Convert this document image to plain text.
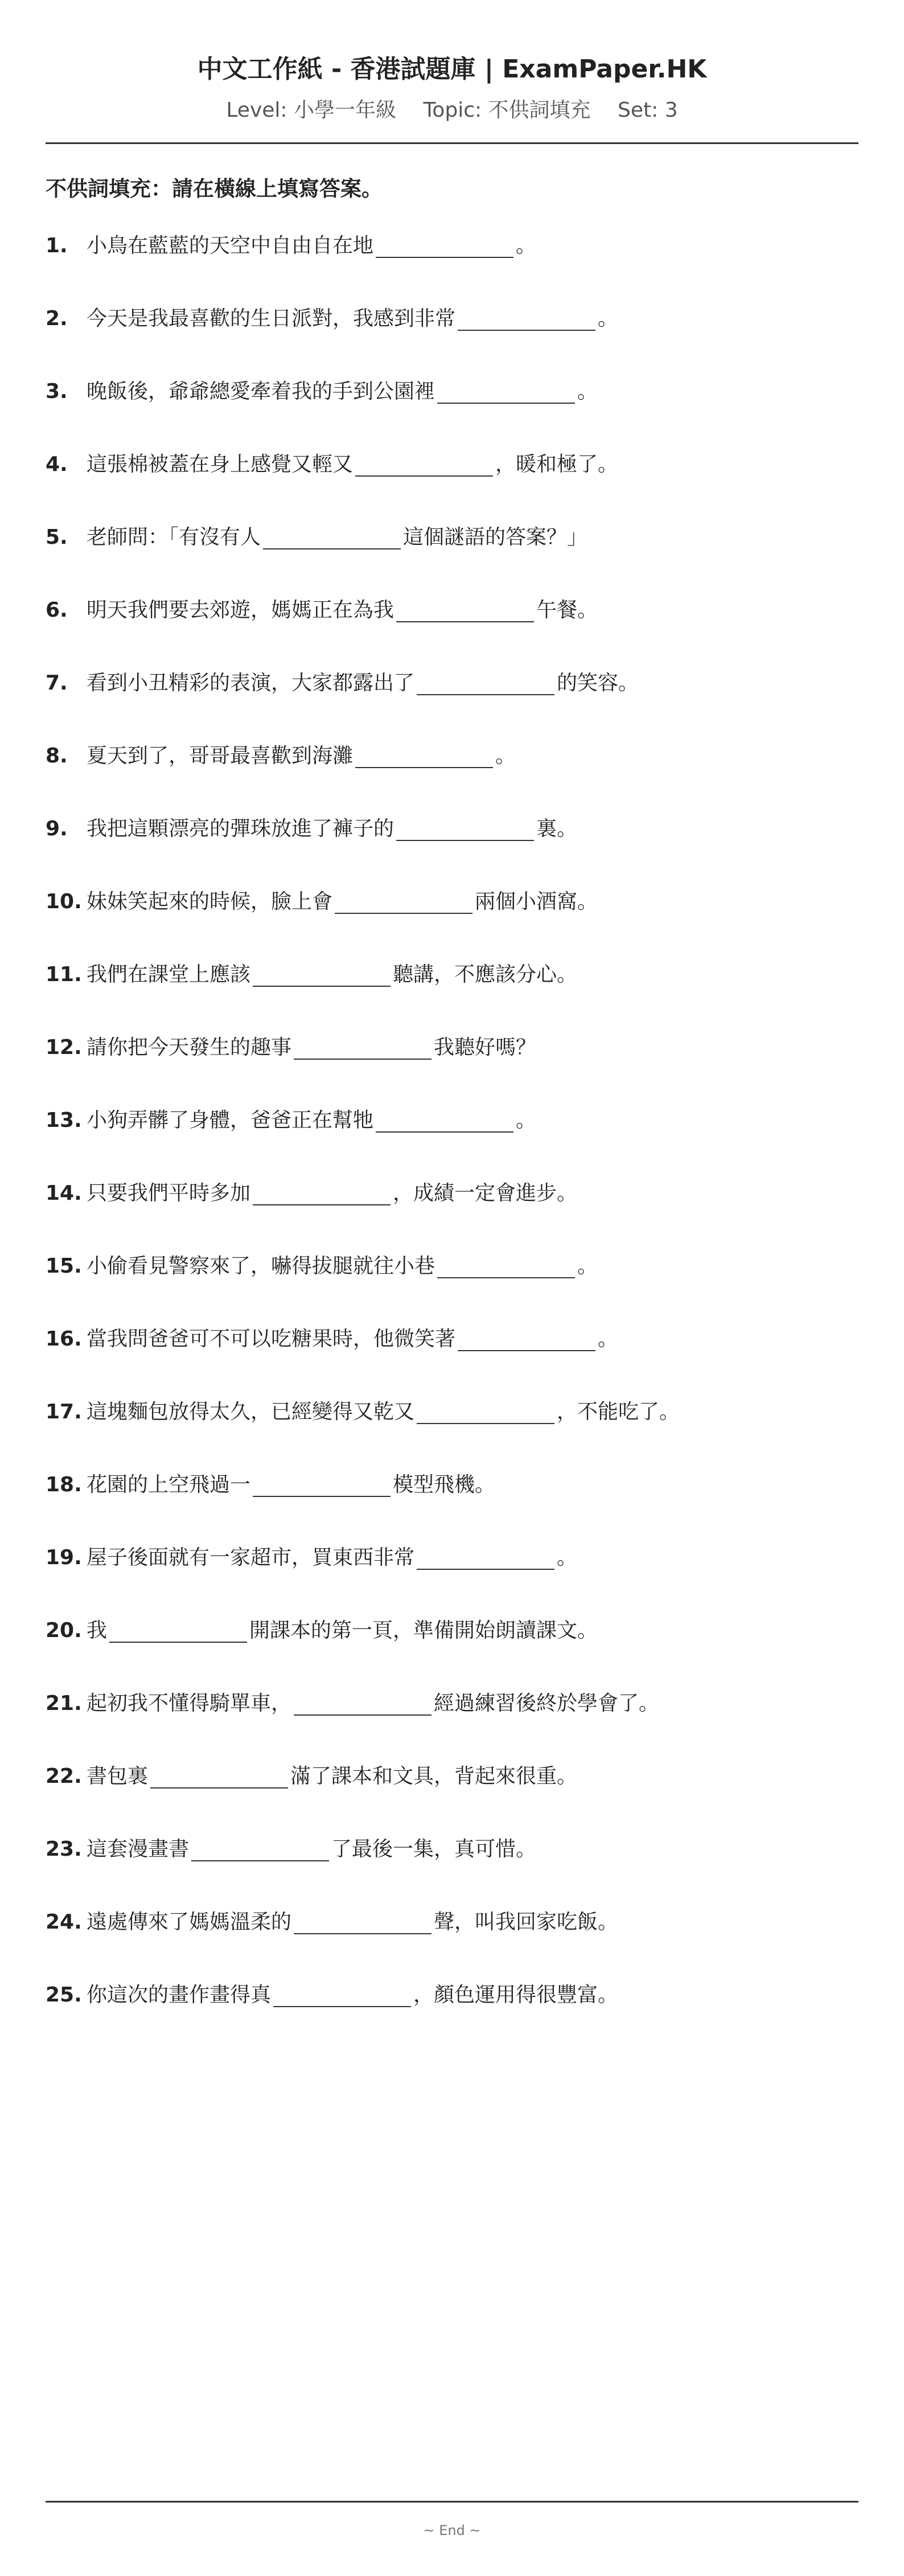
中文工作紙 - 香港試題庫 | ExamPaper.HK
Level: 小學一年級 Topic: 不供詞填充 Set: 3
不供詞填充：請在橫線上填寫答案。
1. 小鳥在藍藍的天空中自由自在地	。
2. 今天是我最喜歡的生日派對，我感到非常	。
3. 晚飯後，爺爺總愛牽着我的手到公園裡	。
4. 這張棉被蓋在身上感覺又輕又	，暖和極了。
5. 老師問：「有沒有人	這個謎語的答案？」
6. 明天我們要去郊遊，媽媽正在為我	午餐。
7. 看到小丑精彩的表演，大家都露出了	的笑容。
8. 夏天到了，哥哥最喜歡到海灘	。
9. 我把這顆漂亮的彈珠放進了褲子的	裏。
10. 妹妹笑起來的時候，臉上會	兩個小酒窩。
11. 我們在課堂上應該	聽講，不應該分心。
12. 請你把今天發生的趣事	我聽好嗎？
13. 小狗弄髒了身體，爸爸正在幫牠	。
14. 只要我們平時多加	，成績一定會進步。
15. 小偷看見警察來了，嚇得拔腿就往小巷	。
16. 當我問爸爸可不可以吃糖果時，他微笑著	。
17. 這塊麵包放得太久，已經變得又乾又	，不能吃了。
18. 花園的上空飛過一	模型飛機。
19. 屋子後面就有一家超市，買東西非常	。
20. 我	開課本的第一頁，準備開始朗讀課文。
21. 起初我不懂得騎單車，	經過練習後終於學會了。
22. 書包裏	滿了課本和文具，背起來很重。
23. 這套漫畫書	了最後一集，真可惜。
24. 遠處傳來了媽媽溫柔的	聲，叫我回家吃飯。
25. 你這次的畫作畫得真	，顏色運用得很豐富。
~ End ~
